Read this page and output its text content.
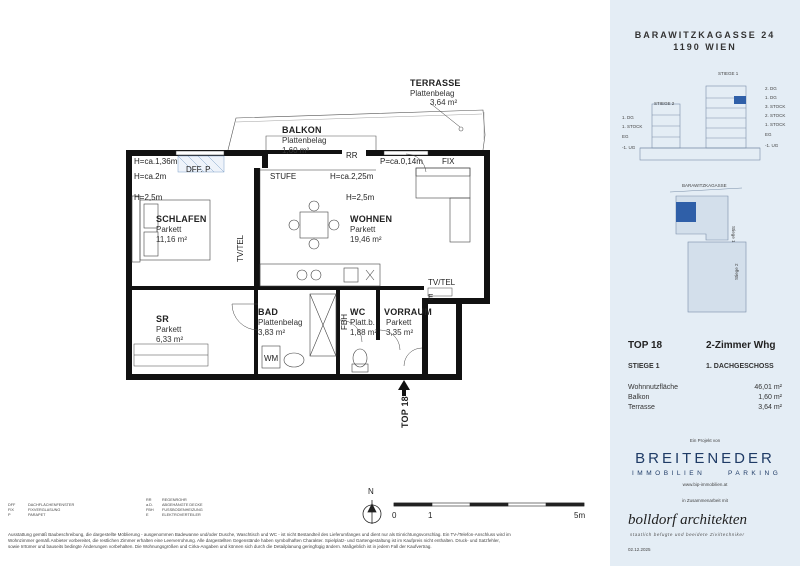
TERRASSE
Plattenbelag
3,64 m²
BALKON
Plattenbelag
1,60 m²
SCHLAFEN
Parkett
11,16 m²
WOHNEN
Parkett
19,46 m²
SR
Parkett
6,33 m²
BAD
Plattenbelag
3,83 m²
WC
Platt.b.
1,88 m²
VORRAUM
Parkett
3,35 m²
H=ca.1,36m
H=ca.2m
H=2,5m
DFF. P
RR
P=ca.0,14m FIX
STUFE	H=ca.2,25m
H=2,5m
TV/TEL
TV/TEL
E
FBH
WM
TOP 18
N
0	1	5m
DFF	DACHFLÄCHENFENSTER
FIX	FIXVERGLASUNG
P	PARAPET
RR	REGENROHR
a.D. ABGEHÄNGTE DECKE
FBH FUSSBODENHEIZUNG
E	ELEKTROVERTEILER
Ausstattung gemäß Baubeschreibung, die dargestellte Möblierung - ausgenommen Badewanne und/oder Dusche, Waschtisch und WC - ist nicht Bestandteil des Lieferumfanges und dient nur als Einrichtungsvorschlag. Ein TV-/Telefon-Anschluss wird im
Wohnzimmer gemäß Anbieter vorbereitet, die restlichen Zimmer erhalten eine Leerverrohrung. Alle dargestellten Gegenstände haben symbolhaften Charakter. Spielplatz- und Gartengestaltung ist im Kaufpreis nicht enthalten. Druck- und Satzfehler,
sowie Irrtümer und bauseits bedingte Änderungen vorbehalten. Die Wohnungsgrößen und Cirka-Angaben und können sich durch die Detailplanung geringfügig ändern. Maßgeblich ist in jedem Fall der Kaufvertrag.
BARAWITZKAGASSE 24
1190 WIEN
STIEGE 1
STIEGE 2
2. DG
1. DG
3. STOCK
2. STOCK
1. STOCK
EG
-1. UG
1. DG
1. STOCK
EG
-1. UG
BARAWITZKAGASSE
Stiege 1
Stiege 2
TOP 18	2-Zimmer Whg
STIEGE 1	1. DACHGESCHOSS
Wohnnutzfläche	46,01 m²
Balkon	1,60 m²
Terrasse	3,64 m²
Ein Projekt von
BREITENEDER
IMMOBILIEN	PARKING
www.bip-immobilien.at
in Zusammenarbeit mit
bolldorf architekten
staatlich befugte und beeidete Ziviltechniker
02.12.2025
